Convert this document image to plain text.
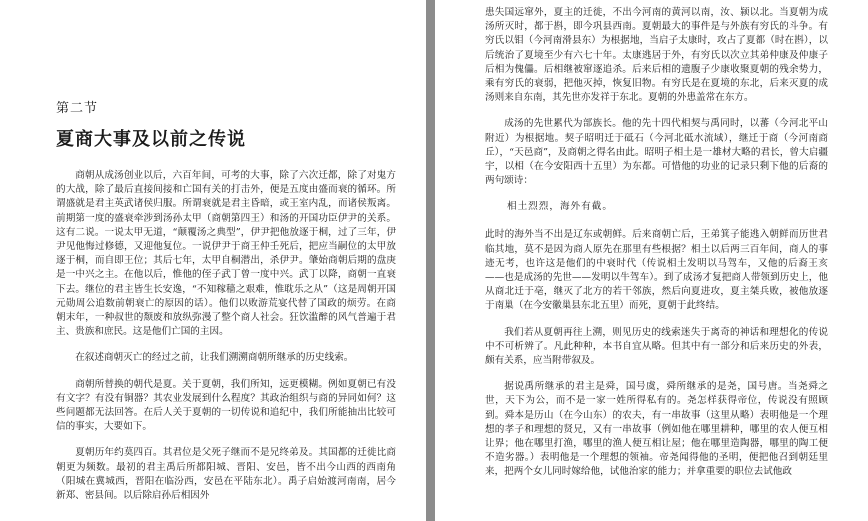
第二节
夏商大事及以前之传说

商朝从成汤创业以后，六百年间，可考的大事，除了六次迁都，除了对鬼方的大战，除了最后直接间接和亡国有关的打击外，便是五度由盛而衰的循环。所谓盛就是君主英武诸侯归服。所谓衰就是君主昏暗，或王室内乱，而诸侯叛离。前期第一度的盛衰牵涉到汤孙太甲（商朝第四王）和汤的开国功臣伊尹的关系。这有二说。一说太甲无道，“颠覆汤之典型”，伊尹把他放逐于桐，过了三年，伊尹见他悔过修德，又迎他复位。一说伊尹于商王仲壬死后，把应当嗣位的太甲放逐于桐，而自即王位；其后七年，太甲自桐潜出，杀伊尹。肇始商朝后期的盘庚是一中兴之主。在他以后，惟他的侄子武丁曾一度中兴。武丁以降，商朝一直衰下去。继位的君主皆生长安逸，“不知稼穑之艰难，惟耽乐之从”（这是周朝开国元勋周公追数前朝衰亡的原因的话）。他们以败游荒宴代替了国政的烦劳。在商朝末年，一种叔世的颓废和放纵弥漫了整个商人社会。狂饮滥醉的风气普遍于君主、贵族和庶民。这是他们亡国的主因。

在叙述商朝灭亡的经过之前，让我们溯溯商朝所继承的历史线索。

商朝所替换的朝代是夏。关于夏朝，我们所知，远更模糊。例如夏朝已有没有文字？有没有铜器？其农业发展到什么程度？其政治组织与商的异同如何？这些问题都无法回答。在后人关于夏朝的一切传说和追纪中，我们所能抽出比较可信的事实，大要如下。

夏朝历年约莫四百。其君位是父死子继而不是兄终弟及。其国都的迁徙比商朝更为频数。最初的君主禹后所都阳城、晋阳、安邑，皆不出今山西的西南角（阳城在冀城西，晋阳在临汾西，安邑在平陆东北）。禹子启始渡河南南，居今新郑、密县间。以后除启孙后相因外

患失国远窜外，夏主的迁徙，不出今河南的黄河以南，汝、颍以北。当夏朝为成汤所灭时，都于斟，即今巩县西南。夏朝最大的事件是与外族有穷氏的斗争。有穷氏以钼（今河南滑县东）为根据地，当启子太康时，攻占了夏都（时在斟），以后统治了夏境至少有六七十年。太康逃居于外，有穷氏以次立其弟仲康及仲康子后相为傀儡。后相继被窜逐追杀。后来后相的遗腹子少康收聚夏朝的残余势力，乘有穷氏的衰弱，把他灭掉，恢复旧物。有穷氏是在夏境的东北，后来灭夏的成汤则来自东南，其先世亦发祥于东北。夏朝的外患盖常在东方。

成汤的先世累代为部族长。他的先十四代相契与禹同时，以蕃（今河北平山附近）为根据地。契子昭明迁于砥石（今河北砥水流域），继迁于商（今河南商丘），“天邑商”，及商朝之得名由此。昭明子相土是一雄材大略的君长，曾大启疆宇，以相（在今安阳西十五里）为东都。可惜他的功业的记录只剩下他的后裔的两句颂诗：

相土烈烈，海外有截。

此时的海外当不出是辽东或朝鲜。后来商朝亡后，王弟箕子能逃入朝鲜而历世君临其地，莫不是因为商人原先在那里有些根据？相土以后两三百年间，商人的事迹无考，也许这是他们的中衰时代（传说相土发明以马驾车，又他的后裔王亥——也是成汤的先世——发明以牛驾车）。到了成汤才复把商人带领到历史上，他从商北迁于亳，继灭了北方的若干邻族，然后向夏进攻，夏主桀兵败，被他放逐于南巢（在今安徽巢县东北五里）而死，夏朝于此终结。

我们若从夏朝再往上溯，则见历史的线索迷失于离奇的神话和理想化的传说中不可析辨了。凡此种种，本书自宜从略。但其中有一部分和后来历史的外表，颇有关系，应当附带叙及。

据说禹所继承的君主是舜，国号虞，舜所继承的是尧，国号唐。当尧舜之世，天下为公，而不是一家一姓所得私有的。尧怎样获得帝位，传说没有照顾到。舜本是历山（在今山东）的农夫，有一串故事（这里从略）表明他是一个理想的孝子和理想的贤兄，又有一串故事（例如他在哪里耕种，哪里的农人便互相让界；他在哪里打渔，哪里的渔人便互相让屋；他在哪里造陶器，哪里的陶工便不造劣器。）表明他是一个理想的领袖。帝尧闻得他的圣明，便把他召到朝廷里来，把两个女儿同时嫁给他，试他治家的能力；并拿重要的职位去试他政
